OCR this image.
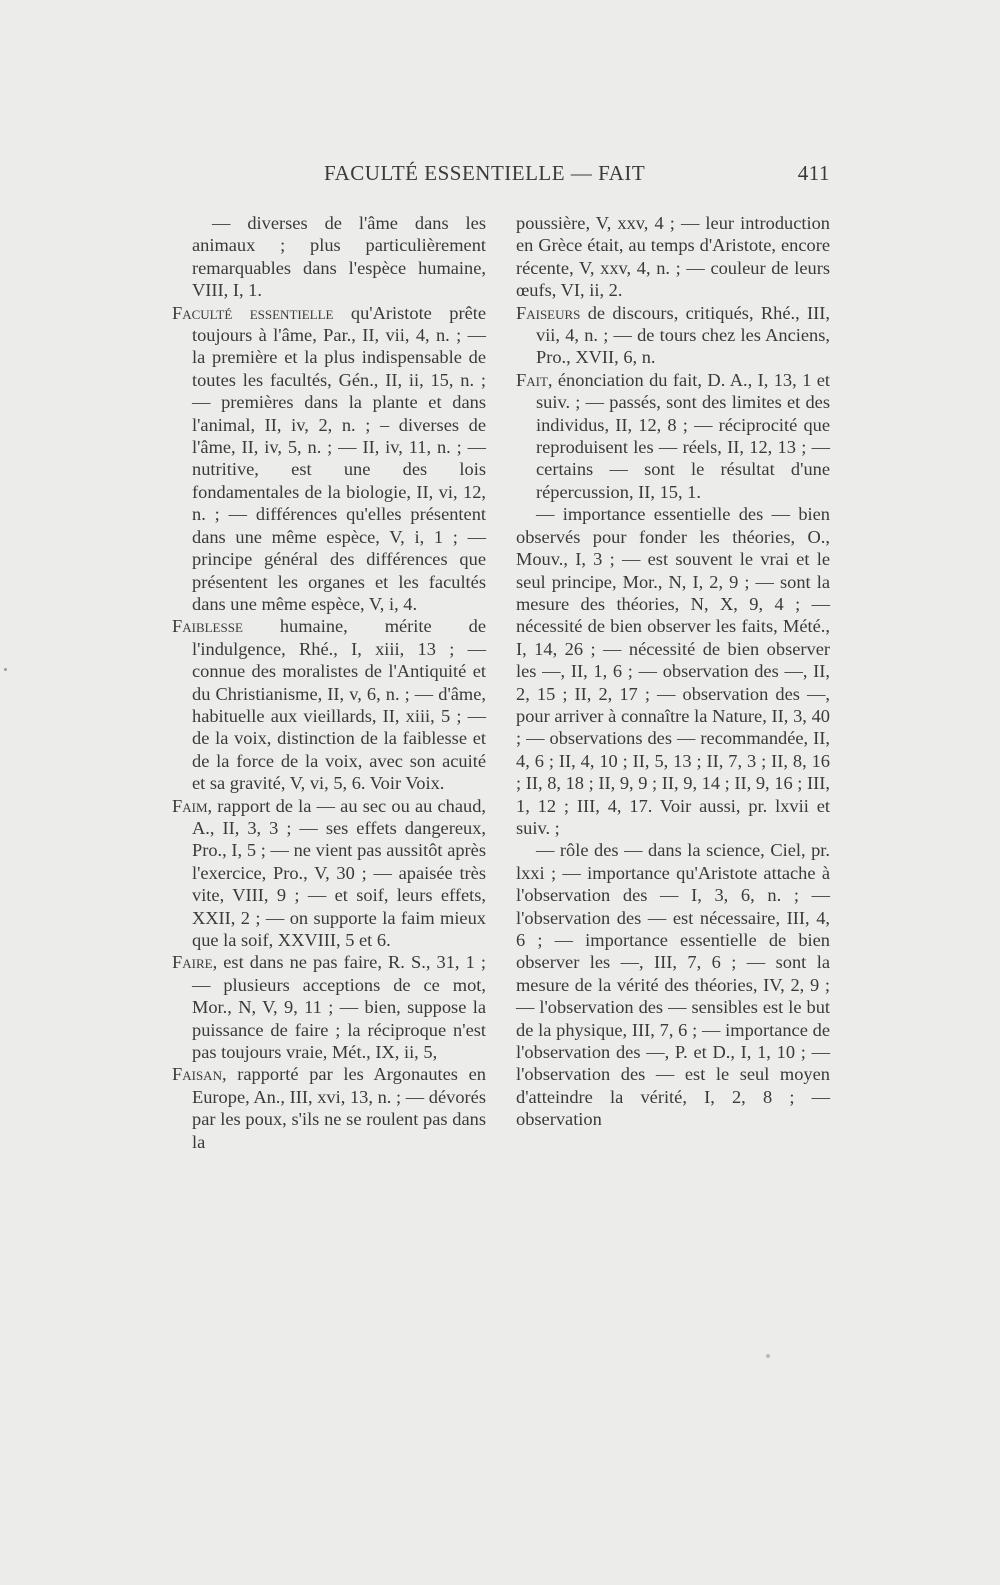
FACULTÉ ESSENTIELLE — FAIT	411

— diverses de l'âme dans les animaux ; plus particulièrement remarquables dans l'espèce humaine, VIII, I, 1.

Faculté essentielle qu'Aristote prête toujours à l'âme, Par., II, vii, 4, n. ; — la première et la plus indispensable de toutes les facultés, Gén., II, ii, 15, n. ; — premières dans la plante et dans l'animal, II, iv, 2, n. ; – diverses de l'âme, II, iv, 5, n. ; — II, iv, 11, n. ; — nutritive, est une des lois fondamentales de la biologie, II, vi, 12, n. ; — différences qu'elles présentent dans une même espèce, V, i, 1 ; — principe général des différences que présentent les organes et les facultés dans une même espèce, V, i, 4.

Faiblesse humaine, mérite de l'indulgence, Rhé., I, xiii, 13 ; — connue des moralistes de l'Antiquité et du Christianisme, II, v, 6, n. ; — d'âme, habituelle aux vieillards, II, xiii, 5 ; — de la voix, distinction de la faiblesse et de la force de la voix, avec son acuité et sa gravité, V, vi, 5, 6. Voir Voix.

Faim, rapport de la — au sec ou au chaud, A., II, 3, 3 ; — ses effets dangereux, Pro., I, 5 ; — ne vient pas aussitôt après l'exercice, Pro., V, 30 ; — apaisée très vite, VIII, 9 ; — et soif, leurs effets, XXII, 2 ; — on supporte la faim mieux que la soif, XXVIII, 5 et 6.

Faire, est dans ne pas faire, R. S., 31, 1 ; — plusieurs acceptions de ce mot, Mor., N, V, 9, 11 ; — bien, suppose la puissance de faire ; la réciproque n'est pas toujours vraie, Mét., IX, ii, 5,

Faisan, rapporté par les Argonautes en Europe, An., III, xvi, 13, n. ; — dévorés par les poux, s'ils ne se roulent pas dans la

poussière, V, xxv, 4 ; — leur introduction en Grèce était, au temps d'Aristote, encore récente, V, xxv, 4, n. ; — couleur de leurs œufs, VI, ii, 2.

Faiseurs de discours, critiqués, Rhé., III, vii, 4, n. ; — de tours chez les Anciens, Pro., XVII, 6, n.

Fait, énonciation du fait, D. A., I, 13, 1 et suiv. ; — passés, sont des limites et des individus, II, 12, 8 ; — réciprocité que reproduisent les — réels, II, 12, 13 ; — certains — sont le résultat d'une répercussion, II, 15, 1.

— importance essentielle des — bien observés pour fonder les théories, O., Mouv., I, 3 ; — est souvent le vrai et le seul principe, Mor., N, I, 2, 9 ; — sont la mesure des théories, N, X, 9, 4 ; — nécessité de bien observer les faits, Mété., I, 14, 26 ; — nécessité de bien observer les —, II, 1, 6 ; — observation des —, II, 2, 15 ; II, 2, 17 ; — observation des —, pour arriver à connaître la Nature, II, 3, 40 ; — observations des — recommandée, II, 4, 6 ; II, 4, 10 ; II, 5, 13 ; II, 7, 3 ; II, 8, 16 ; II, 8, 18 ; II, 9, 9 ; II, 9, 14 ; II, 9, 16 ; III, 1, 12 ; III, 4, 17. Voir aussi, pr. lxvii et suiv. ;

— rôle des — dans la science, Ciel, pr. lxxi ; — importance qu'Aristote attache à l'observation des — I, 3, 6, n. ; — l'observation des — est nécessaire, III, 4, 6 ; — importance essentielle de bien observer les —, III, 7, 6 ; — sont la mesure de la vérité des théories, IV, 2, 9 ; — l'observation des — sensibles est le but de la physique, III, 7, 6 ; — importance de l'observation des —, P. et D., I, 1, 10 ; — l'observation des — est le seul moyen d'atteindre la vérité, I, 2, 8 ; — observation
